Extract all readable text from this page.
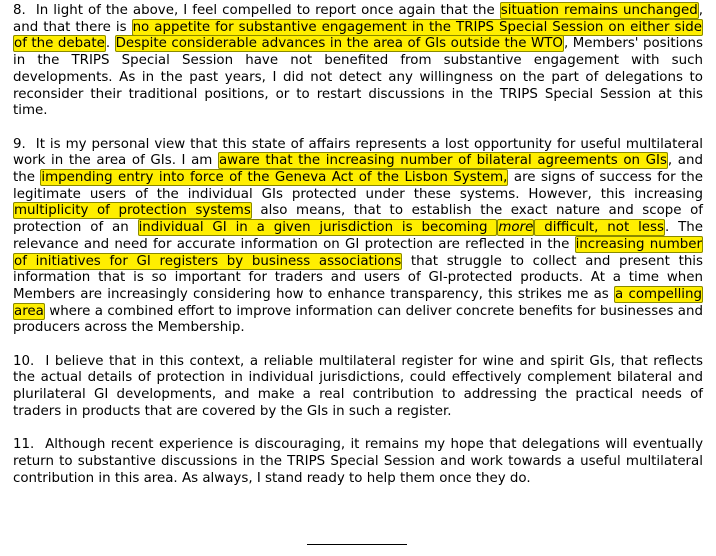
8. In light of the above, I feel compelled to report once again that the situation remains unchanged, and that there is no appetite for substantive engagement in the TRIPS Special Session on either side of the debate. Despite considerable advances in the area of GIs outside the WTO, Members' positions in the TRIPS Special Session have not benefited from substantive engagement with such developments. As in the past years, I did not detect any willingness on the part of delegations to reconsider their traditional positions, or to restart discussions in the TRIPS Special Session at this time.

9. It is my personal view that this state of affairs represents a lost opportunity for useful multilateral work in the area of GIs. I am aware that the increasing number of bilateral agreements on GIs, and the impending entry into force of the Geneva Act of the Lisbon System, are signs of success for the legitimate users of the individual GIs protected under these systems. However, this increasing multiplicity of protection systems also means, that to establish the exact nature and scope of protection of an individual GI in a given jurisdiction is becoming more difficult, not less. The relevance and need for accurate information on GI protection are reflected in the increasing number of initiatives for GI registers by business associations that struggle to collect and present this information that is so important for traders and users of GI-protected products. At a time when Members are increasingly considering how to enhance transparency, this strikes me as a compelling area where a combined effort to improve information can deliver concrete benefits for businesses and producers across the Membership.

10. I believe that in this context, a reliable multilateral register for wine and spirit GIs, that reflects the actual details of protection in individual jurisdictions, could effectively complement bilateral and plurilateral GI developments, and make a real contribution to addressing the practical needs of traders in products that are covered by the GIs in such a register.

11. Although recent experience is discouraging, it remains my hope that delegations will eventually return to substantive discussions in the TRIPS Special Session and work towards a useful multilateral contribution in this area. As always, I stand ready to help them once they do.
